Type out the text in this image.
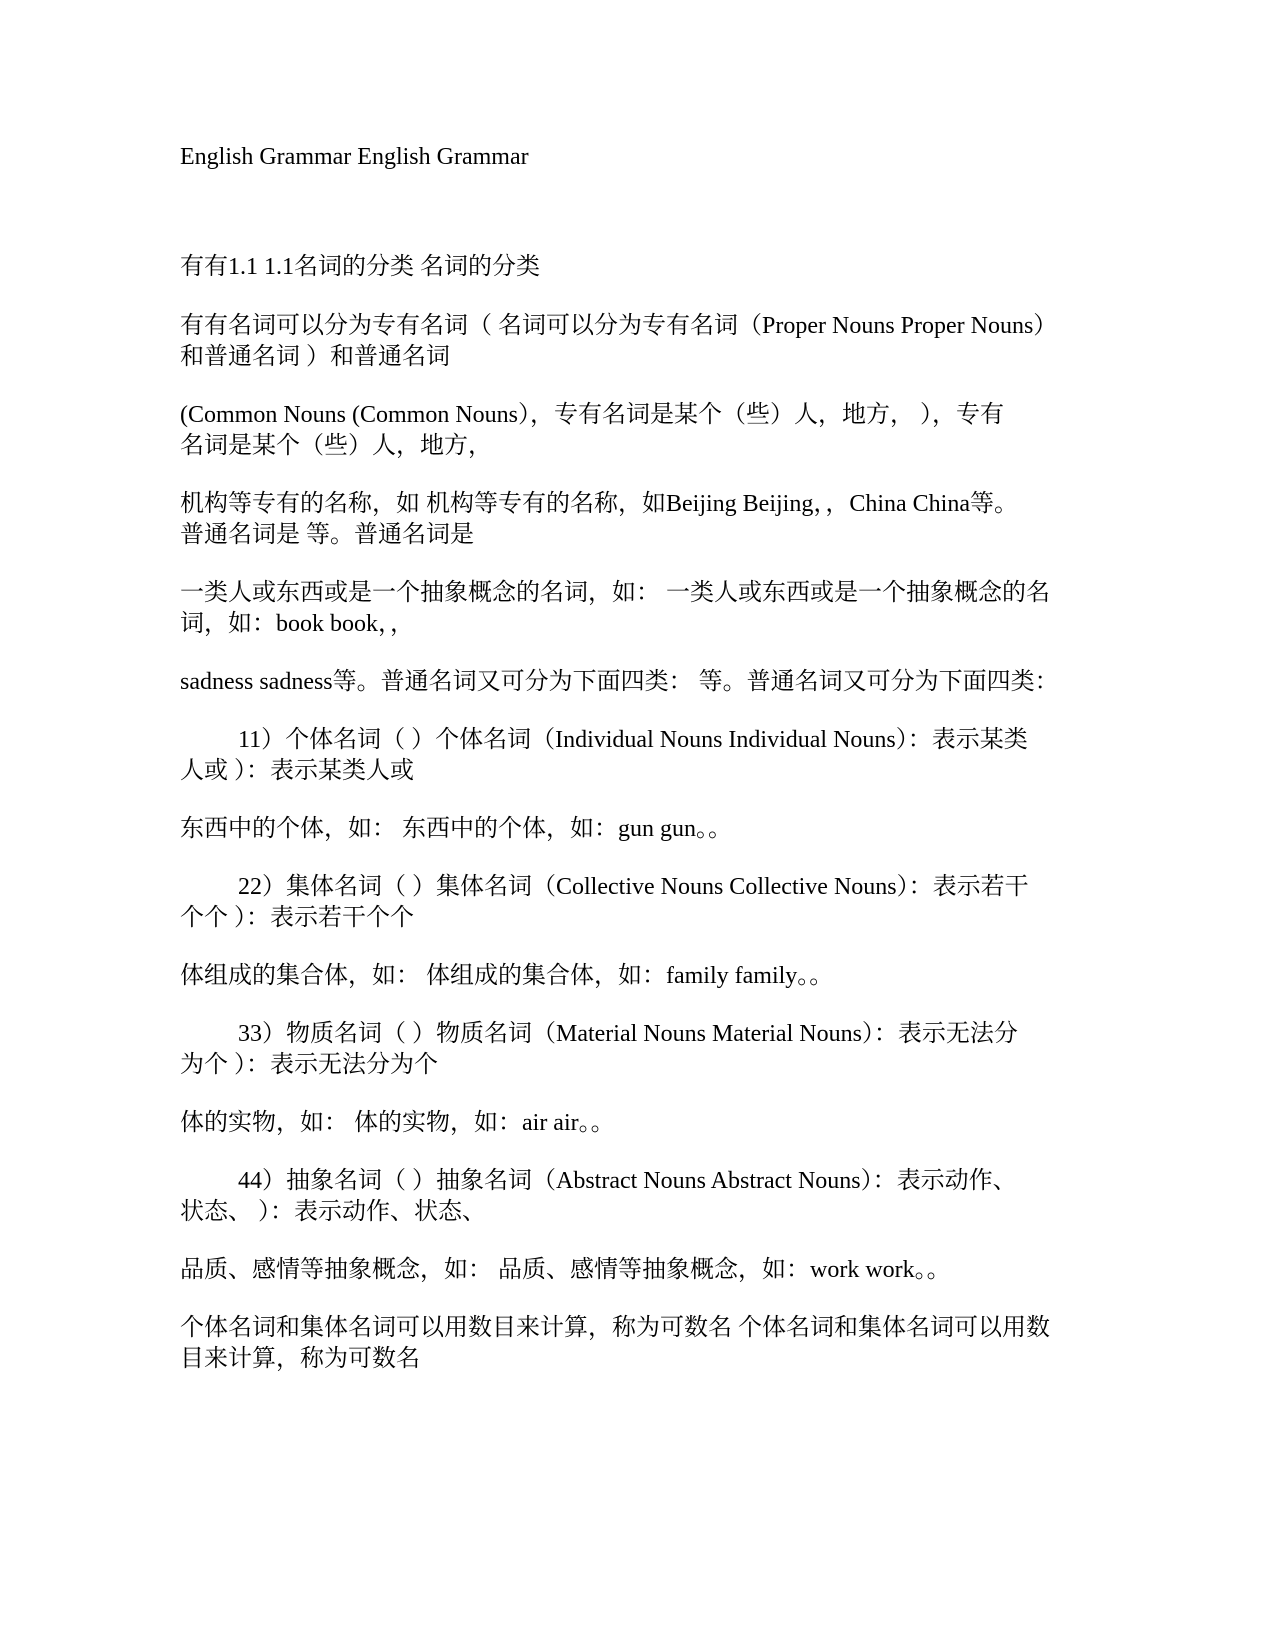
English Grammar English Grammar
有有1.1 1.1名词的分类 名词的分类
有有名词可以分为专有名词（ 名词可以分为专有名词（Proper Nouns Proper Nouns）
和普通名词 ）和普通名词
(Common Nouns (Common Nouns），专有名词是某个（些）人，地方， ），专有
名词是某个（些）人，地方，
机构等专有的名称，如 机构等专有的名称，如Beijing Beijing，，China China等。
普通名词是 等。普通名词是
一类人或东西或是一个抽象概念的名词，如： 一类人或东西或是一个抽象概念的名
词，如：book book，，
sadness sadness等。普通名词又可分为下面四类： 等。普通名词又可分为下面四类：
11）个体名词（ ）个体名词（Individual Nouns Individual Nouns）：表示某类
人或 ）：表示某类人或
东西中的个体，如： 东西中的个体，如：gun gun。。
22）集体名词（ ）集体名词（Collective Nouns Collective Nouns）：表示若干
个个 ）：表示若干个个
体组成的集合体，如： 体组成的集合体，如：family family。。
33）物质名词（ ）物质名词（Material Nouns Material Nouns）：表示无法分
为个 ）：表示无法分为个
体的实物，如： 体的实物，如：air air。。
44）抽象名词（ ）抽象名词（Abstract Nouns Abstract Nouns）：表示动作、
状态、 ）：表示动作、状态、
品质、感情等抽象概念，如： 品质、感情等抽象概念，如：work work。。
个体名词和集体名词可以用数目来计算，称为可数名 个体名词和集体名词可以用数
目来计算，称为可数名
